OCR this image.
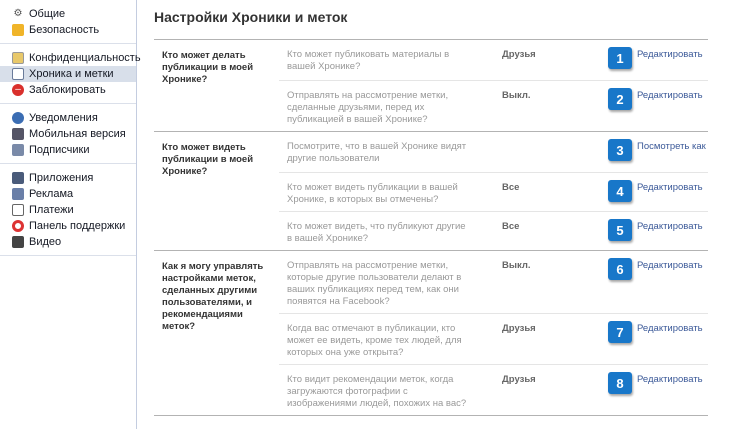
⚙ Общие
Безопасность
Конфиденциальность
Хроника и метки
– Заблокировать
Уведомления
Мобильная версия
Подписчики
Приложения
Реклама
Платежи
Панель поддержки
Видео
Настройки Хроники и меток
Кто может делать публикации в моей Хронике?
Кто может публиковать материалы в вашей Хронике?
Друзья	1	Редактировать
Отправлять на рассмотрение метки, сделанные друзьями, перед их публикацией в вашей Хронике?
Выкл.	2	Редактировать
Кто может видеть публикации в моей Хронике?
Посмотрите, что в вашей Хронике видят другие пользователи
3	Посмотреть как
Кто может видеть публикации в вашей Хронике, в которых вы отмечены?
Все	4	Редактировать
Кто может видеть, что публикуют другие в вашей Хронике?
Все	5	Редактировать
Как я могу управлять настройками меток, сделанных другими пользователями, и рекомендациями меток?
Отправлять на рассмотрение метки, которые другие пользователи делают в ваших публикациях перед тем, как они появятся на Facebook?
Выкл.	6	Редактировать
Когда вас отмечают в публикации, кто может ее видеть, кроме тех людей, для которых она уже открыта?
Друзья	7	Редактировать
Кто видит рекомендации меток, когда загружаются фотографии с изображениями людей, похожих на вас?
Друзья	8	Редактировать
